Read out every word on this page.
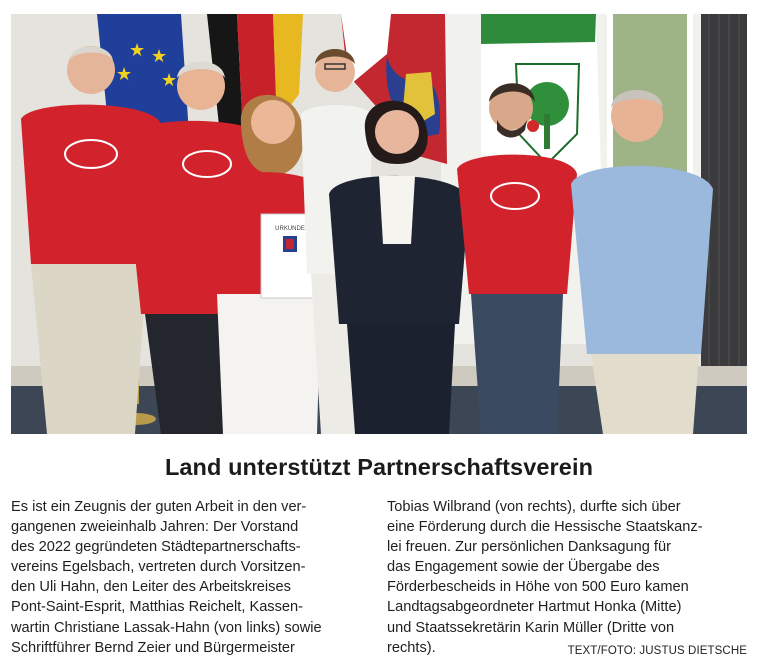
★ ★
★ ★
URKUNDE
Land unterstützt Partnerschaftsverein
Es ist ein Zeugnis der guten Arbeit in den ver-
gangenen zweieinhalb Jahren: Der Vorstand
des 2022 gegründeten Städtepartnerschafts-
vereins Egelsbach, vertreten durch Vorsitzen-
den Uli Hahn, den Leiter des Arbeitskreises
Pont-Saint-Esprit, Matthias Reichelt, Kassen-
wartin Christiane Lassak-Hahn (von links) sowie
Schriftführer Bernd Zeier und Bürgermeister
Tobias Wilbrand (von rechts), durfte sich über
eine Förderung durch die Hessische Staatskanz-
lei freuen. Zur persönlichen Danksagung für
das Engagement sowie der Übergabe des
Förderbescheids in Höhe von 500 Euro kamen
Landtagsabgeordneter Hartmut Honka (Mitte)
und Staatssekretärin Karin Müller (Dritte von
rechts).	TEXT/FOTO: JUSTUS DIETSCHE
